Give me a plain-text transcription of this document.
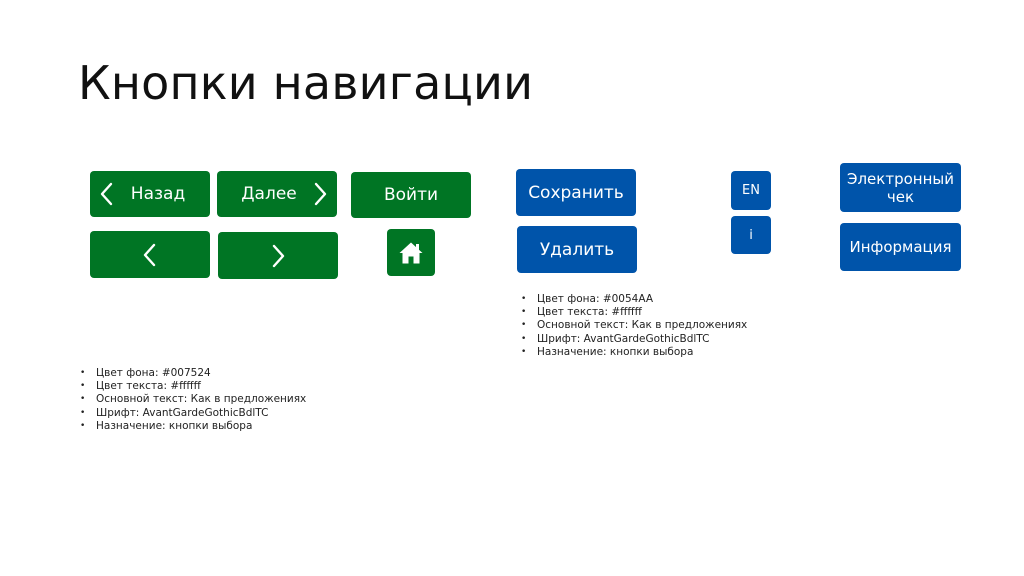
Кнопки навигации
Назад	Далее	Войти	Сохранить
Удалить
EN
i
Электронный чек
Информация
• Цвет фона: #0054AA
• Цвет текста: #ffffff
• Основной текст: Как в предложениях
• Шрифт: AvantGardeGothicBdlTC
• Назначение: кнопки выбора
• Цвет фона: #007524
• Цвет текста: #ffffff
• Основной текст: Как в предложениях
• Шрифт: AvantGardeGothicBdlTC
• Назначение: кнопки выбора
